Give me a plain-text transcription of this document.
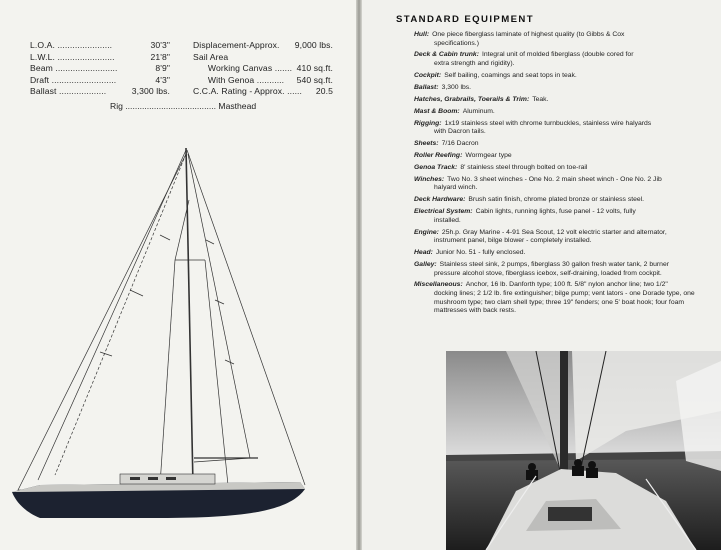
L.O.A. ......................	30'3"
L.W.L. .......................	21'8"
Beam .........................	8'9"
Draft ..........................	4'3"
Ballast ...................	3,300 lbs.
Displacement-Approx. 9,000 lbs.
Sail Area
Working Canvas ....... 410 sq.ft.
With Genoa ........... 540 sq.ft.
C.C.A. Rating - Approx. ...... 20.5
Rig ...................................... Masthead
STANDARD EQUIPMENT
Hull: One piece fiberglass laminate of highest quality (to Gibbs & Cox
specifications.)
Deck & Cabin trunk: Integral unit of molded fiberglass (double cored for
extra strength and rigidity).
Cockpit: Self bailing, coamings and seat tops in teak.
Ballast: 3,300 lbs.
Hatches, Grabrails, Toerails & Trim: Teak.
Mast & Boom: Aluminum.
Rigging: 1x19 stainless steel with chrome turnbuckles, stainless wire halyards
with Dacron tails.
Sheets: 7/16 Dacron
Roller Reefing: Wormgear type
Genoa Track: 8' stainless steel through bolted on toe-rail
Winches: Two No. 3 sheet winches - One No. 2 main sheet winch - One No. 2 Jib
halyard winch.
Deck Hardware: Brush satin finish, chrome plated bronze or stainless steel.
Electrical System: Cabin lights, running lights, fuse panel - 12 volts, fully
installed.
Engine: 25h.p. Gray Marine - 4-91 Sea Scout, 12 volt electric starter and alternator,
instrument panel, bilge blower - completely installed.
Head: Junior No. 51 - fully enclosed.
Galley: Stainless steel sink, 2 pumps, fiberglass 30 gallon fresh water tank, 2 burner
pressure alcohol stove, fiberglass icebox, self-draining, loaded from cockpit.
Miscellaneous: Anchor, 16 lb. Danforth type; 100 ft. 5/8" nylon anchor line; two 1/2"
docking lines; 2 1/2 lb. fire extinguisher; bilge pump; vent lators - one Dorade type, one mushroom type; two clam shell type; three 19" fenders; one 5' boat hook; four foam mattresses with back rests.
